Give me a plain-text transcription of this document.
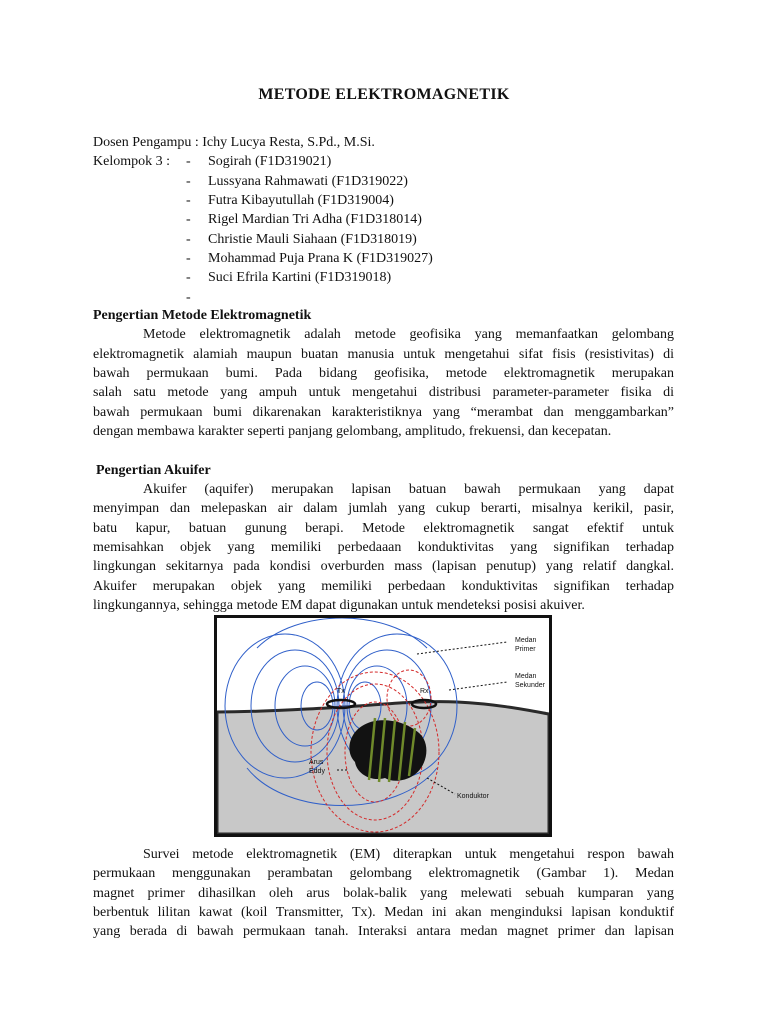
METODE ELEKTROMAGNETIK
Dosen Pengampu : Ichy Lucya Resta, S.Pd., M.Si.
Kelompok 3 : - Sogirah (F1D319021)
- Lussyana Rahmawati (F1D319022)
- Futra Kibayutullah (F1D319004)
- Rigel Mardian Tri Adha (F1D318014)
- Christie Mauli Siahaan (F1D318019)
- Mohammad Puja Prana K (F1D319027)
- Suci Efrila Kartini (F1D319018)
-
Pengertian Metode Elektromagnetik
Metode elektromagnetik adalah metode geofisika yang memanfaatkan gelombang
elektromagnetik alamiah maupun buatan manusia untuk mengetahui sifat fisis (resistivitas) di
bawah permukaan bumi. Pada bidang geofisika, metode elektromagnetik merupakan
salah satu metode yang ampuh untuk mengetahui distribusi parameter-parameter fisika di
bawah permukaan bumi dikarenakan karakteristiknya yang “merambat dan menggambarkan”
dengan membawa karakter seperti panjang gelombang, amplitudo, frekuensi, dan kecepatan.
Pengertian Akuifer
Akuifer (aquifer) merupakan lapisan batuan bawah permukaan yang dapat
menyimpan dan melepaskan air dalam jumlah yang cukup berarti, misalnya kerikil, pasir,
batu kapur, batuan gunung berapi. Metode elektromagnetik sangat efektif untuk
memisahkan objek yang memiliki perbedaaan konduktivitas yang signifikan terhadap
lingkungan sekitarnya pada kondisi overburden mass (lapisan penutup) yang relatif dangkal.
Akuifer merupakan objek yang memiliki perbedaan konduktivitas signifikan terhadap
lingkungannya, sehingga metode EM dapat digunakan untuk mendeteksi posisi akuiver.
Tx	Rx
Medan
Primer
Medan
Sekunder
Arus
Eddy
Konduktor
Survei metode elektromagnetik (EM) diterapkan untuk mengetahui respon bawah
permukaan menggunakan perambatan gelombang elektromagnetik (Gambar 1). Medan
magnet primer dihasilkan oleh arus bolak-balik yang melewati sebuah kumparan yang
berbentuk lilitan kawat (koil Transmitter, Tx). Medan ini akan menginduksi lapisan konduktif
yang berada di bawah permukaan tanah. Interaksi antara medan magnet primer dan lapisan
